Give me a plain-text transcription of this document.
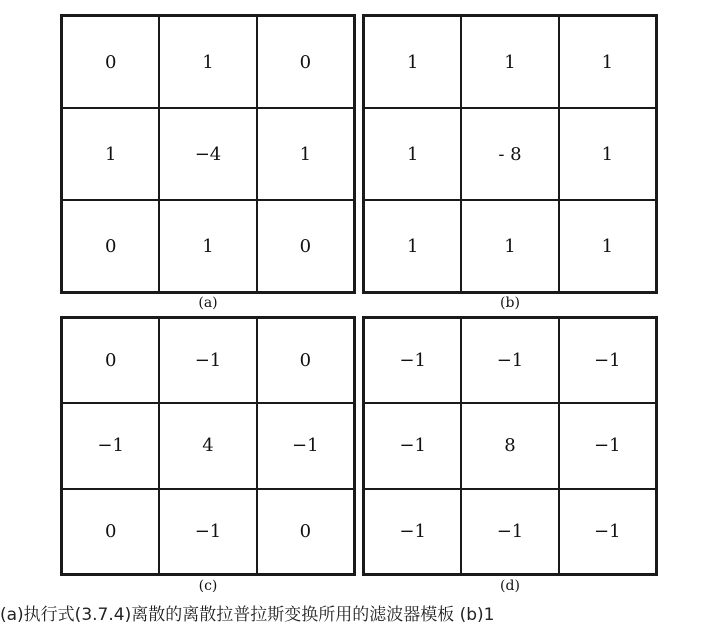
0	1	0
1	−4	1
0	1	0
(a)
1	1	1
1	- 8	1
1	1	1
(b)
0	−1	0
−1	4	−1
0	−1	0
(c)
−1	−1	−1
−1	8	−1
−1	−1	−1
(d)
(a)执行式(3.7.4)离散的离散拉普拉斯变换所用的滤波器模板 (b)1
